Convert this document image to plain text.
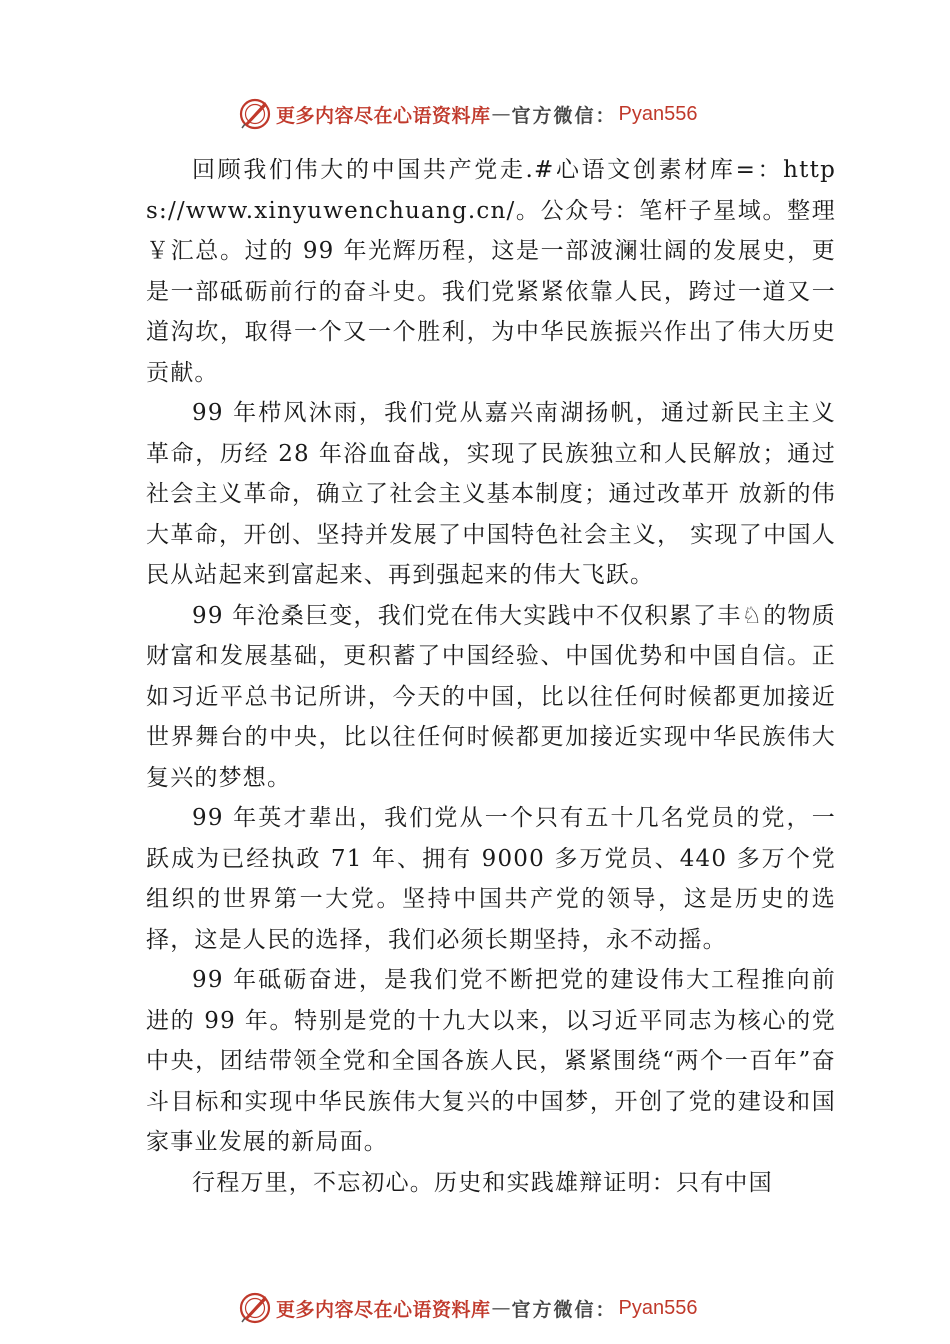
更多内容尽在心语资料库 — 官方微信： Pyan556

回顾我们伟大的中国共产党走.#心语文创素材库=：https://www.xinyuwenchuang.cn/。公众号：笔杆子星域。整理￥汇总。过的 99 年光辉历程，这是一部波澜壮阔的发展史，更是一部砥砺前行的奋斗史。我们党紧紧依靠人民，跨过一道又一道沟坎，取得一个又一个胜利，为中华民族振兴作出了伟大历史贡献。

99 年栉风沐雨，我们党从嘉兴南湖扬帆，通过新民主主义革命，历经 28 年浴血奋战，实现了民族独立和人民解放；通过社会主义革命，确立了社会主义基本制度；通过改革开 放新的伟大革命，开创、坚持并发展了中国特色社会主义， 实现了中国人民从站起来到富起来、再到强起来的伟大飞跃。

99 年沧桑巨变，我们党在伟大实践中不仅积累了丰♘的物质财富和发展基础，更积蓄了中国经验、中国优势和中国自信。正如习近平总书记所讲，今天的中国，比以往任何时候都更加接近世界舞台的中央，比以往任何时候都更加接近实现中华民族伟大复兴的梦想。

99 年英才辈出，我们党从一个只有五十几名党员的党，一跃成为已经执政 71 年、拥有 9000 多万党员、440 多万个党组织的世界第一大党。坚持中国共产党的领导，这是历史的选择，这是人民的选择，我们必须长期坚持，永不动摇。

99 年砥砺奋进，是我们党不断把党的建设伟大工程推向前进的 99 年。特别是党的十九大以来，以习近平同志为核心的党中央，团结带领全党和全国各族人民，紧紧围绕“两个一百年”奋斗目标和实现中华民族伟大复兴的中国梦，开创了党的建设和国家事业发展的新局面。

行程万里，不忘初心。历史和实践雄辩证明：只有中国

更多内容尽在心语资料库 — 官方微信： Pyan556
